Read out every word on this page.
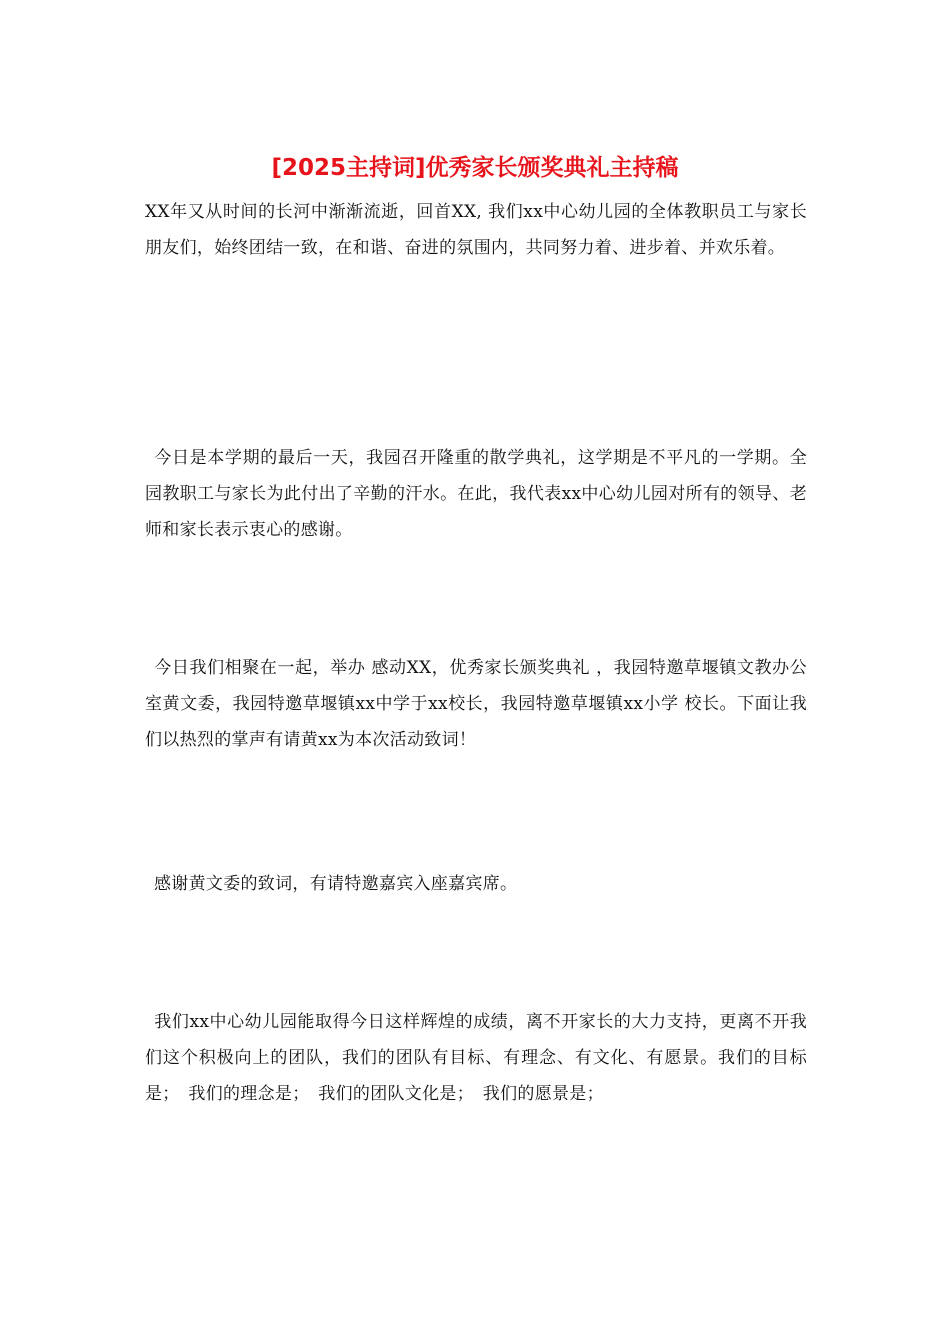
[2025主持词]优秀家长颁奖典礼主持稿

XX年又从时间的长河中渐渐流逝，回首XX, 我们xx中心幼儿园的全体教职员工与家长朋友们，始终团结一致，在和谐、奋进的氛围内，共同努力着、进步着、并欢乐着。

今日是本学期的最后一天，我园召开隆重的散学典礼，这学期是不平凡的一学期。全园教职工与家长为此付出了辛勤的汗水。在此，我代表xx中心幼儿园对所有的领导、老师和家长表示衷心的感谢。

今日我们相聚在一起，举办 感动XX，优秀家长颁奖典礼 ，我园特邀草堰镇文教办公室黄文委，我园特邀草堰镇xx中学于xx校长，我园特邀草堰镇xx小学 校长。下面让我们以热烈的掌声有请黄xx为本次活动致词！

感谢黄文委的致词，有请特邀嘉宾入座嘉宾席。

我们xx中心幼儿园能取得今日这样辉煌的成绩，离不开家长的大力支持，更离不开我们这个积极向上的团队，我们的团队有目标、有理念、有文化、有愿景。我们的目标是；　我们的理念是；　我们的团队文化是；　我们的愿景是；
